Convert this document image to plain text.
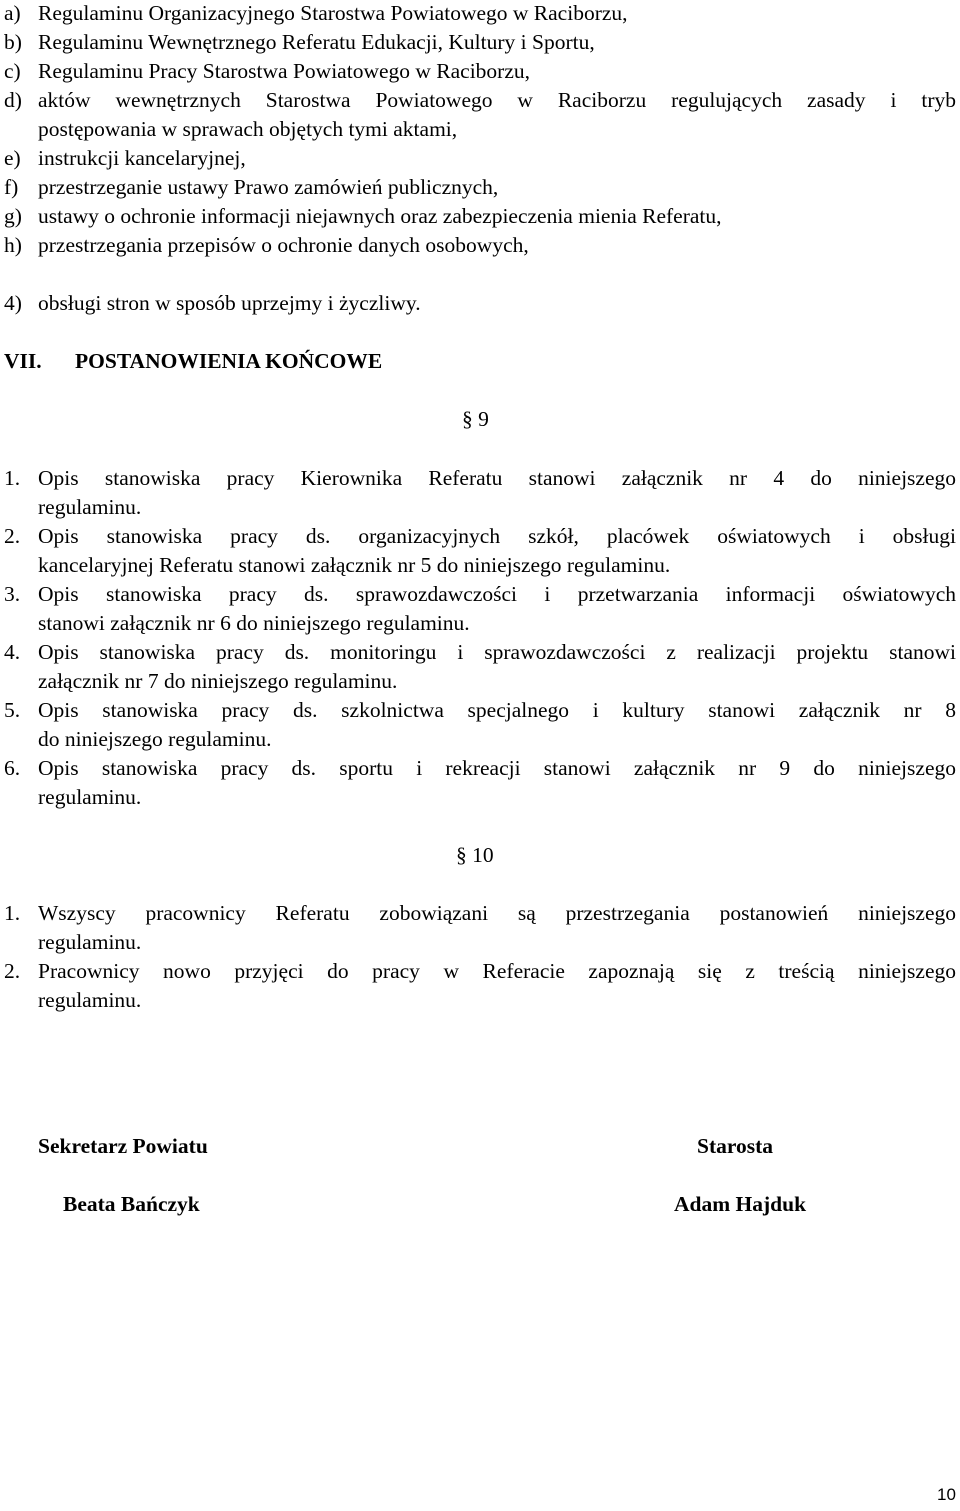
a) Regulaminu Organizacyjnego Starostwa Powiatowego w Raciborzu,
b) Regulaminu Wewnętrznego Referatu Edukacji, Kultury i Sportu,
c) Regulaminu Pracy Starostwa Powiatowego w Raciborzu,
d) aktów wewnętrznych Starostwa Powiatowego w Raciborzu regulujących zasady i tryb
postępowania w sprawach objętych tymi aktami,
e) instrukcji kancelaryjnej,
f) przestrzeganie ustawy Prawo zamówień publicznych,
g) ustawy o ochronie informacji niejawnych oraz zabezpieczenia mienia Referatu,
h) przestrzegania przepisów o ochronie danych osobowych,
4) obsługi stron w sposób uprzejmy i życzliwy.
VII. POSTANOWIENIA KOŃCOWE
§ 9
1. Opis stanowiska pracy Kierownika Referatu stanowi załącznik nr 4 do niniejszego
regulaminu.
2. Opis stanowiska pracy ds. organizacyjnych szkół, placówek oświatowych i obsługi
kancelaryjnej Referatu stanowi załącznik nr 5 do niniejszego regulaminu.
3. Opis stanowiska pracy ds. sprawozdawczości i przetwarzania informacji oświatowych
stanowi załącznik nr 6 do niniejszego regulaminu.
4. Opis stanowiska pracy ds. monitoringu i sprawozdawczości z realizacji projektu stanowi
załącznik nr 7 do niniejszego regulaminu.
5. Opis stanowiska pracy ds. szkolnictwa specjalnego i kultury stanowi załącznik nr 8
do niniejszego regulaminu.
6. Opis stanowiska pracy ds. sportu i rekreacji stanowi załącznik nr 9 do niniejszego
regulaminu.
§ 10
1. Wszyscy pracownicy Referatu zobowiązani są przestrzegania postanowień niniejszego
regulaminu.
2. Pracownicy nowo przyjęci do pracy w Referacie zapoznają się z treścią niniejszego
regulaminu.
Sekretarz Powiatu
Beata Bańczyk
Starosta
Adam Hajduk
10
